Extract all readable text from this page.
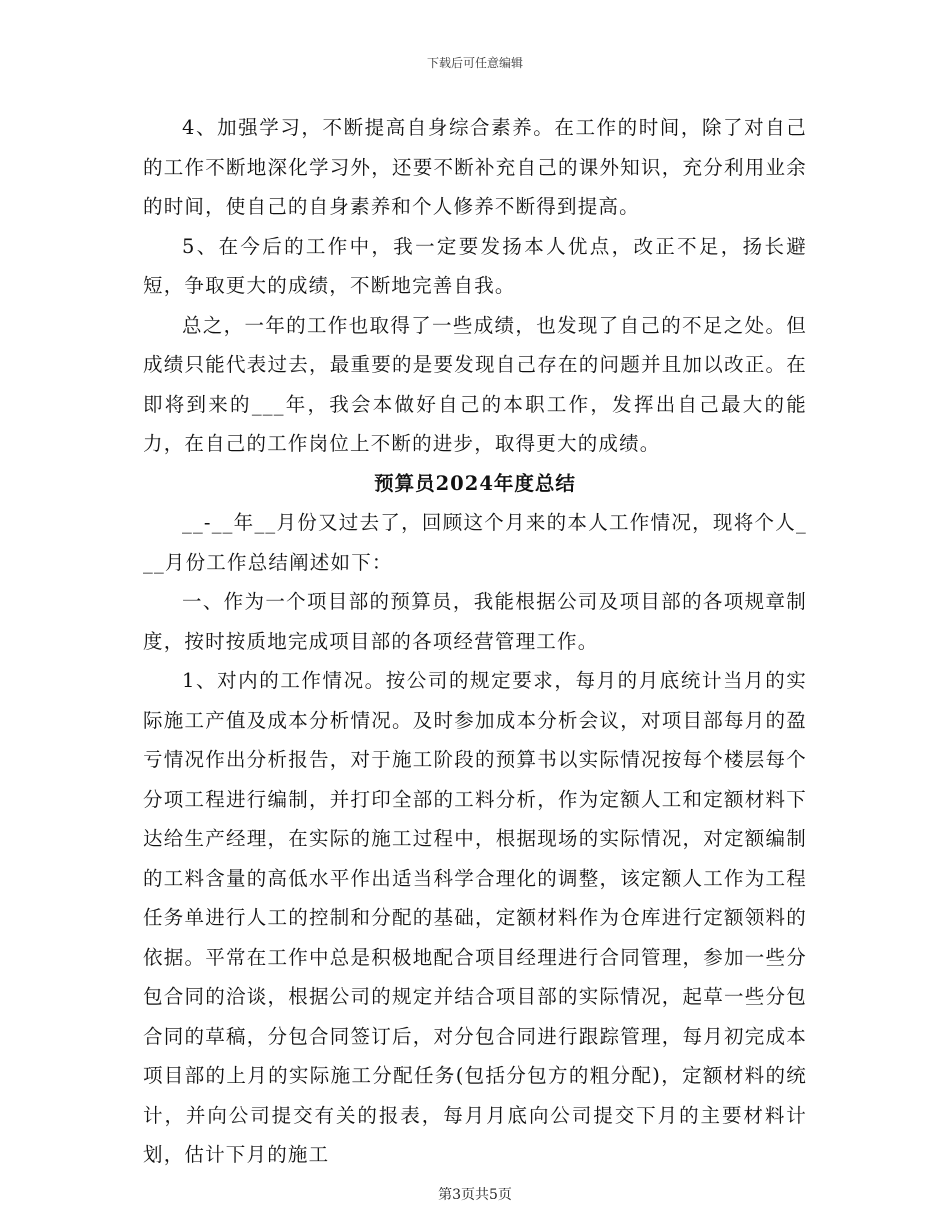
下载后可任意编辑

4、加强学习，不断提高自身综合素养。在工作的时间，除了对自己的工作不断地深化学习外，还要不断补充自己的课外知识，充分利用业余的时间，使自己的自身素养和个人修养不断得到提高。

5、在今后的工作中，我一定要发扬本人优点，改正不足，扬长避短，争取更大的成绩，不断地完善自我。

总之，一年的工作也取得了一些成绩，也发现了自己的不足之处。但成绩只能代表过去，最重要的是要发现自己存在的问题并且加以改正。在即将到来的___年，我会本做好自己的本职工作，发挥出自己最大的能力，在自己的工作岗位上不断的进步，取得更大的成绩。

预算员2024年度总结

__-__年__月份又过去了，回顾这个月来的本人工作情况，现将个人___月份工作总结阐述如下：

一、作为一个项目部的预算员，我能根据公司及项目部的各项规章制度，按时按质地完成项目部的各项经营管理工作。

1、对内的工作情况。按公司的规定要求，每月的月底统计当月的实际施工产值及成本分析情况。及时参加成本分析会议，对项目部每月的盈亏情况作出分析报告，对于施工阶段的预算书以实际情况按每个楼层每个分项工程进行编制，并打印全部的工料分析，作为定额人工和定额材料下达给生产经理，在实际的施工过程中，根据现场的实际情况，对定额编制的工料含量的高低水平作出适当科学合理化的调整，该定额人工作为工程任务单进行人工的控制和分配的基础，定额材料作为仓库进行定额领料的依据。平常在工作中总是积极地配合项目经理进行合同管理，参加一些分包合同的洽谈，根据公司的规定并结合项目部的实际情况，起草一些分包合同的草稿，分包合同签订后，对分包合同进行跟踪管理，每月初完成本项目部的上月的实际施工分配任务(包括分包方的粗分配)，定额材料的统计，并向公司提交有关的报表，每月月底向公司提交下月的主要材料计划，估计下月的施工

第3页共5页
